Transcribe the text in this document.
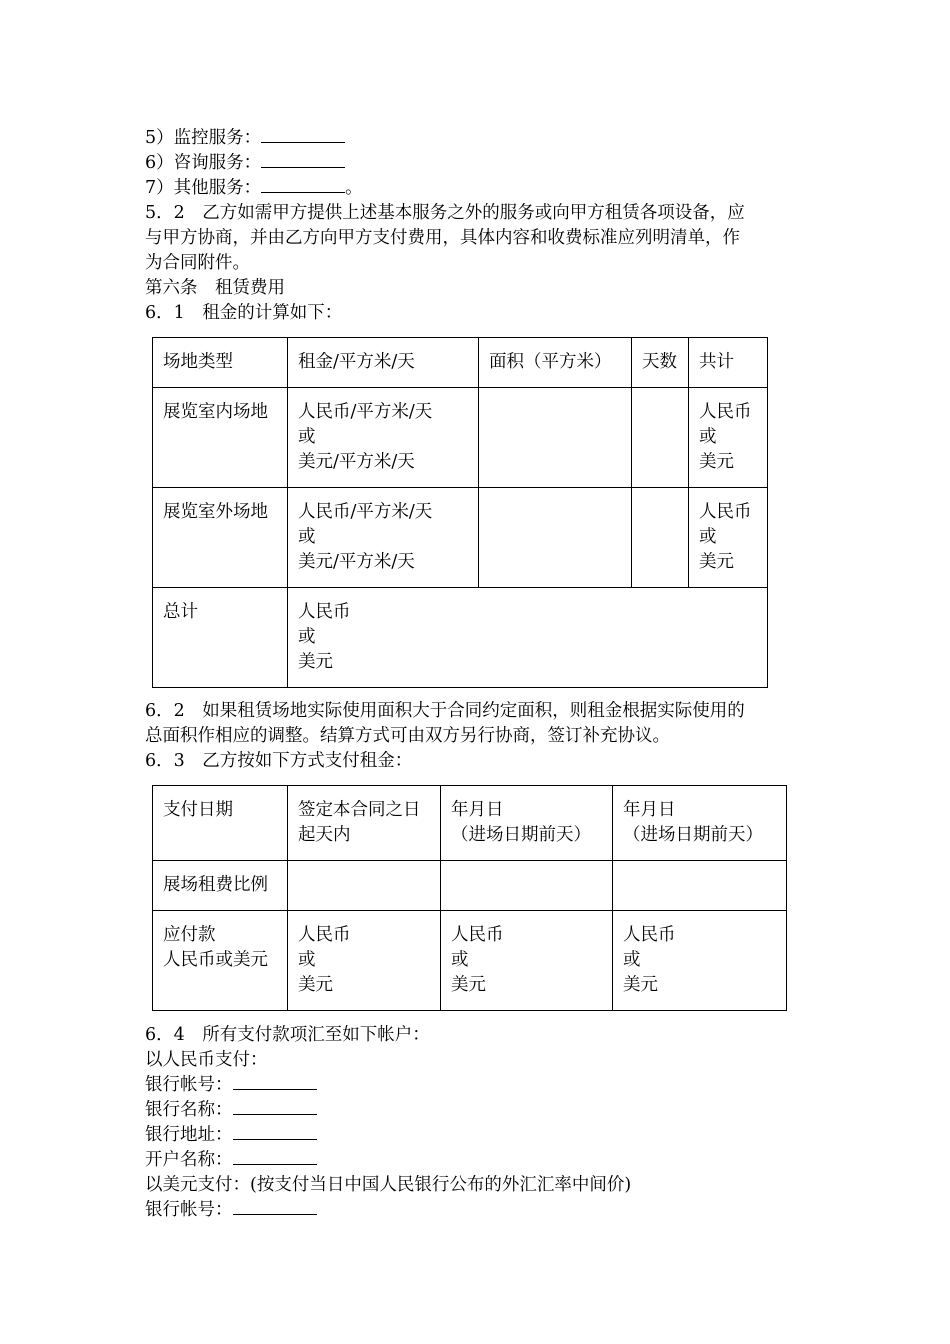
5）监控服务：
6）咨询服务：
7）其他服务：	。
5．2　乙方如需甲方提供上述基本服务之外的服务或向甲方租赁各项设备，应
与甲方协商，并由乙方向甲方支付费用，具体内容和收费标准应列明清单，作
为合同附件。
第六条　租赁费用
6．1　租金的计算如下：
场地类型	租金/平方米/天	面积（平方米）	天数	共计
展览室内场地	人民币/平方米/天
或
美元/平方米/天			人民币
或
美元
展览室外场地	人民币/平方米/天
或
美元/平方米/天			人民币
或
美元
总计	人民币
或
美元			
6．2　如果租赁场地实际使用面积大于合同约定面积，则租金根据实际使用的
总面积作相应的调整。结算方式可由双方另行协商，签订补充协议。
6．3　乙方按如下方式支付租金：
支付日期	签定本合同之日
起天内	年月日
（进场日期前天）	年月日
（进场日期前天）
展场租费比例			
应付款
人民币或美元	人民币
或
美元	人民币
或
美元	人民币
或
美元
6．4　所有支付款项汇至如下帐户：
以人民币支付：
银行帐号：
银行名称：
银行地址：
开户名称：
以美元支付：(按支付当日中国人民银行公布的外汇汇率中间价)
银行帐号：
